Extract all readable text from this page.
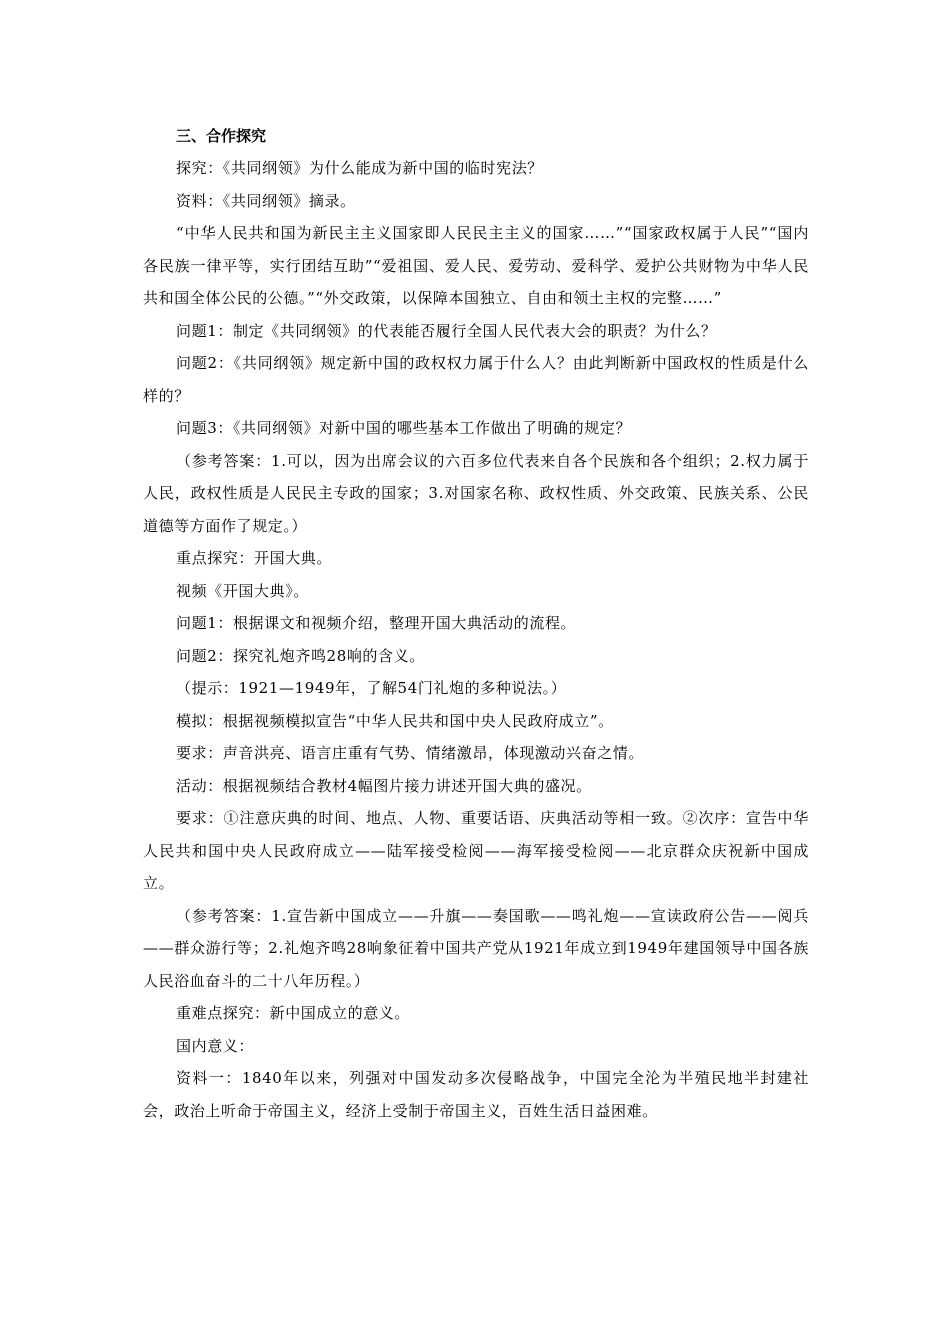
三、合作探究

探究：《共同纲领》为什么能成为新中国的临时宪法？

资料：《共同纲领》摘录。

“中华人民共和国为新民主主义国家即人民民主主义的国家……”“国家政权属于人民”“国内各民族一律平等，实行团结互助”“爱祖国、爱人民、爱劳动、爱科学、爱护公共财物为中华人民共和国全体公民的公德。”“外交政策，以保障本国独立、自由和领土主权的完整……”

问题1：制定《共同纲领》的代表能否履行全国人民代表大会的职责？为什么？

问题2：《共同纲领》规定新中国的政权权力属于什么人？由此判断新中国政权的性质是什么样的？

问题3：《共同纲领》对新中国的哪些基本工作做出了明确的规定？

（参考答案：1.可以，因为出席会议的六百多位代表来自各个民族和各个组织；2.权力属于人民，政权性质是人民民主专政的国家；3.对国家名称、政权性质、外交政策、民族关系、公民道德等方面作了规定。）

重点探究：开国大典。

视频《开国大典》。

问题1：根据课文和视频介绍，整理开国大典活动的流程。

问题2：探究礼炮齐鸣28响的含义。

（提示：1921—1949年，了解54门礼炮的多种说法。）

模拟：根据视频模拟宣告“中华人民共和国中央人民政府成立”。

要求：声音洪亮、语言庄重有气势、情绪激昂，体现激动兴奋之情。

活动：根据视频结合教材4幅图片接力讲述开国大典的盛况。

要求：①注意庆典的时间、地点、人物、重要话语、庆典活动等相一致。②次序：宣告中华人民共和国中央人民政府成立——陆军接受检阅——海军接受检阅——北京群众庆祝新中国成立。

（参考答案：1.宣告新中国成立——升旗——奏国歌——鸣礼炮——宣读政府公告——阅兵——群众游行等；2.礼炮齐鸣28响象征着中国共产党从1921年成立到1949年建国领导中国各族人民浴血奋斗的二十八年历程。）

重难点探究：新中国成立的意义。

国内意义：

资料一：1840年以来，列强对中国发动多次侵略战争，中国完全沦为半殖民地半封建社会，政治上听命于帝国主义，经济上受制于帝国主义，百姓生活日益困难。
